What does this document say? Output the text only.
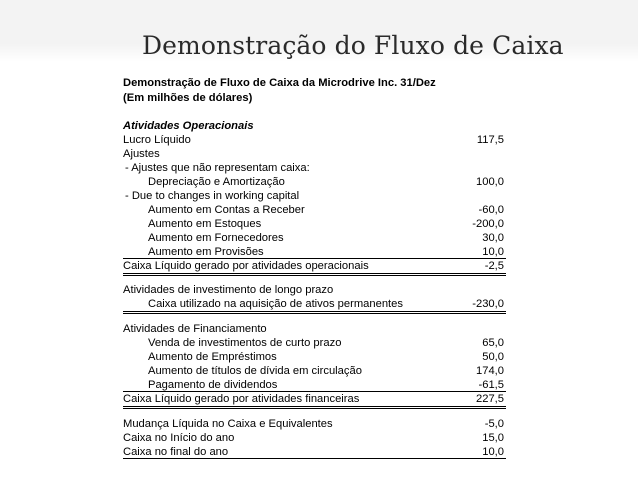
Demonstração do Fluxo de Caixa
Demonstração de Fluxo de Caixa da Microdrive Inc. 31/Dez
(Em milhões de dólares)
Atividades Operacionais
Lucro Líquido	117,5
Ajustes
- Ajustes que não representam caixa:
Depreciação e Amortização	100,0
- Due to changes in working capital
Aumento em Contas a Receber	-60,0
Aumento em Estoques	-200,0
Aumento em Fornecedores	30,0
Aumento em Provisões	10,0
Caixa Líquido gerado por atividades operacionais	-2,5
Atividades de investimento de longo prazo
Caixa utilizado na aquisição de ativos permanentes	-230,0
Atividades de Financiamento
Venda de investimentos de curto prazo	65,0
Aumento de Empréstimos	50,0
Aumento de títulos de dívida em circulação	174,0
Pagamento de dividendos	-61,5
Caixa Líquido gerado por atividades financeiras	227,5
Mudança Líquida no Caixa e Equivalentes	-5,0
Caixa no Início do ano	15,0
Caixa no final do ano	10,0
